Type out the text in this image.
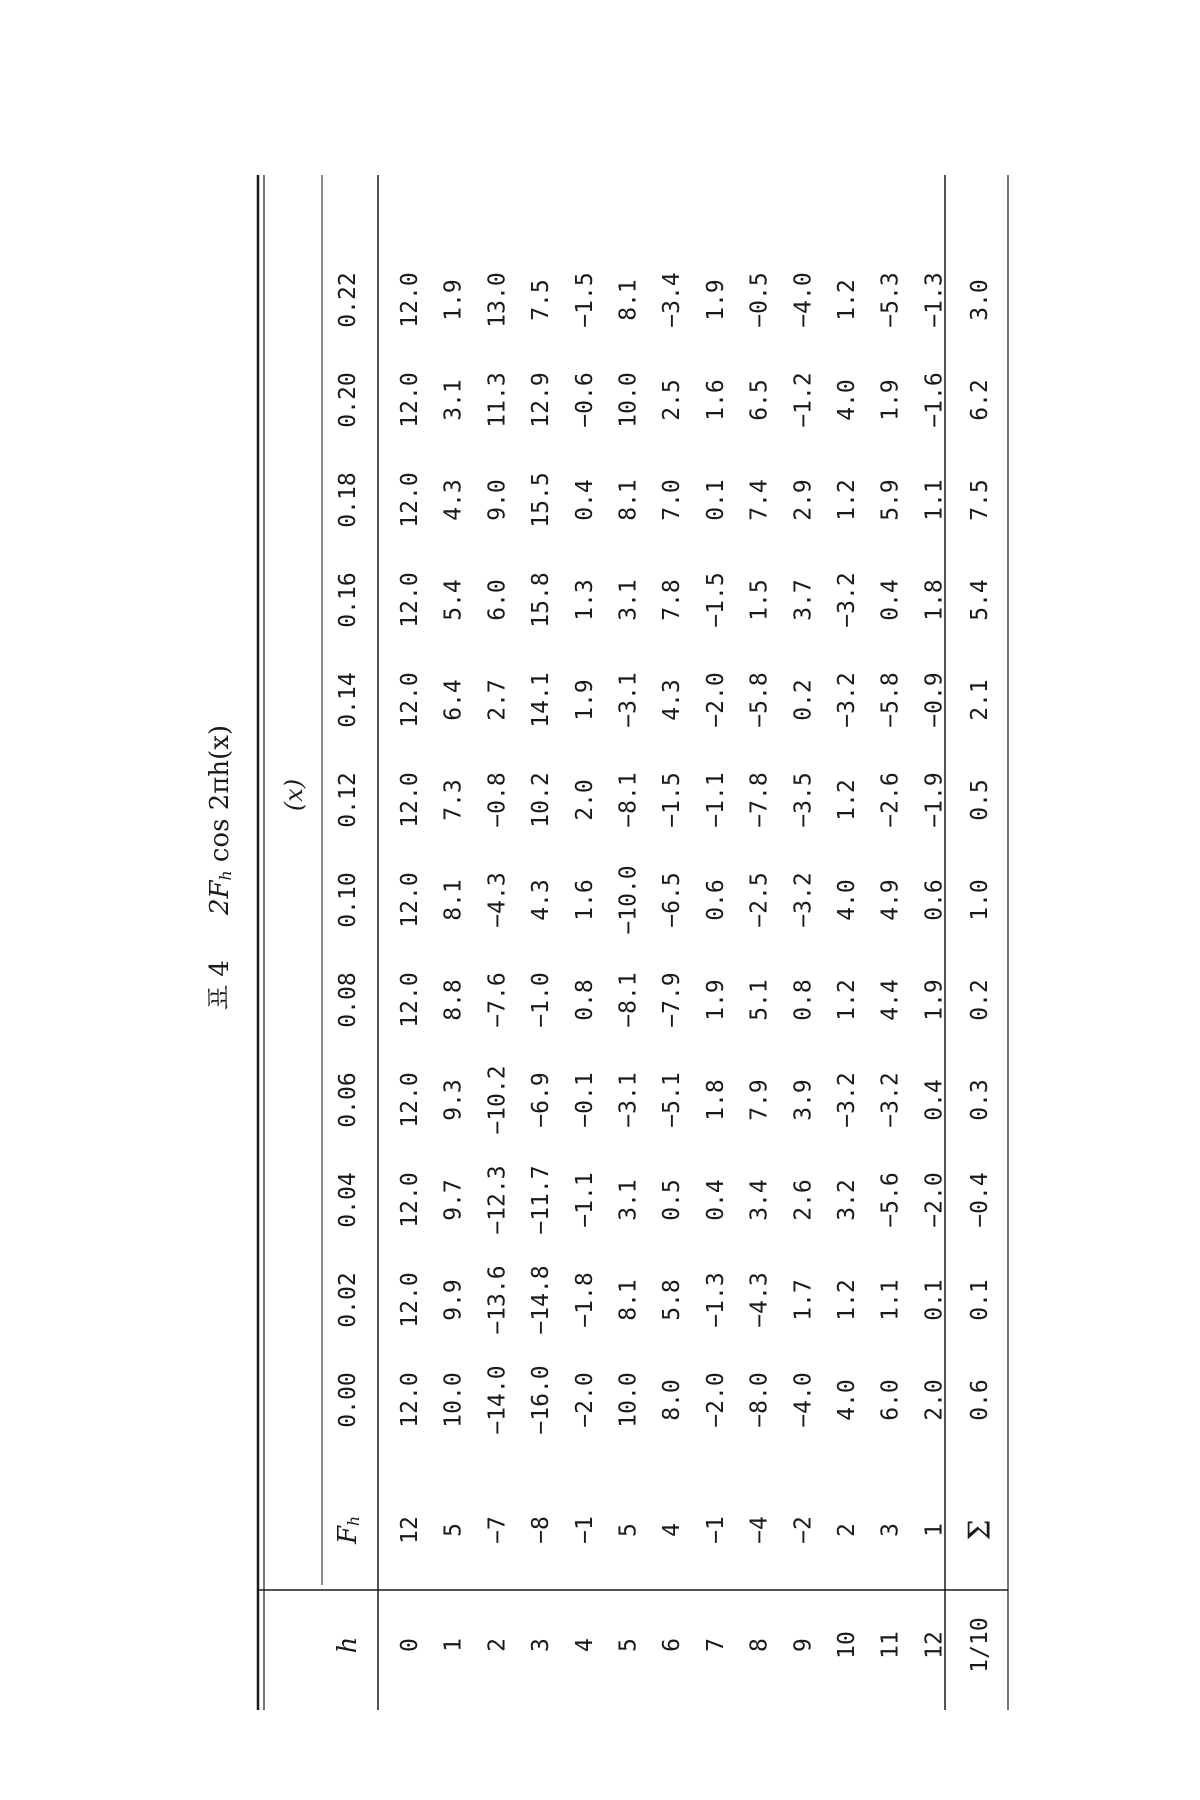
표 4
$2F_h$ cos 2πh(x)
h
$F_h$
(x)
0.00
0.02
0.04
0.06
0.08
0.10
0.12
0.14
0.16
0.18
0.20
0.22
0
12
12.0
12.0
12.0
12.0
12.0
12.0
12.0
12.0
12.0
12.0
12.0
12.0
1
5
10.0
9.9
9.7
9.3
8.8
8.1
7.3
6.4
5.4
4.3
3.1
1.9
2
−7
−14.0
−13.6
−12.3
−10.2
−7.6
−4.3
−0.8
2.7
6.0
9.0
11.3
13.0
3
−8
−16.0
−14.8
−11.7
−6.9
−1.0
4.3
10.2
14.1
15.8
15.5
12.9
7.5
4
−1
−2.0
−1.8
−1.1
−0.1
0.8
1.6
2.0
1.9
1.3
0.4
−0.6
−1.5
5
5
10.0
8.1
3.1
−3.1
−8.1
−10.0
−8.1
−3.1
3.1
8.1
10.0
8.1
6
4
8.0
5.8
0.5
−5.1
−7.9
−6.5
−1.5
4.3
7.8
7.0
2.5
−3.4
7
−1
−2.0
−1.3
0.4
1.8
1.9
0.6
−1.1
−2.0
−1.5
0.1
1.6
1.9
8
−4
−8.0
−4.3
3.4
7.9
5.1
−2.5
−7.8
−5.8
1.5
7.4
6.5
−0.5
9
−2
−4.0
1.7
2.6
3.9
0.8
−3.2
−3.5
0.2
3.7
2.9
−1.2
−4.0
10
2
4.0
1.2
3.2
−3.2
1.2
4.0
1.2
−3.2
−3.2
1.2
4.0
1.2
11
3
6.0
1.1
−5.6
−3.2
4.4
4.9
−2.6
−5.8
0.4
5.9
1.9
−5.3
12
1
2.0
0.1
−2.0
0.4
1.9
0.6
−1.9
−0.9
1.8
1.1
−1.6
−1.3
1/10
Σ
0.6
0.1
−0.4
0.3
0.2
1.0
0.5
2.1
5.4
7.5
6.2
3.0
